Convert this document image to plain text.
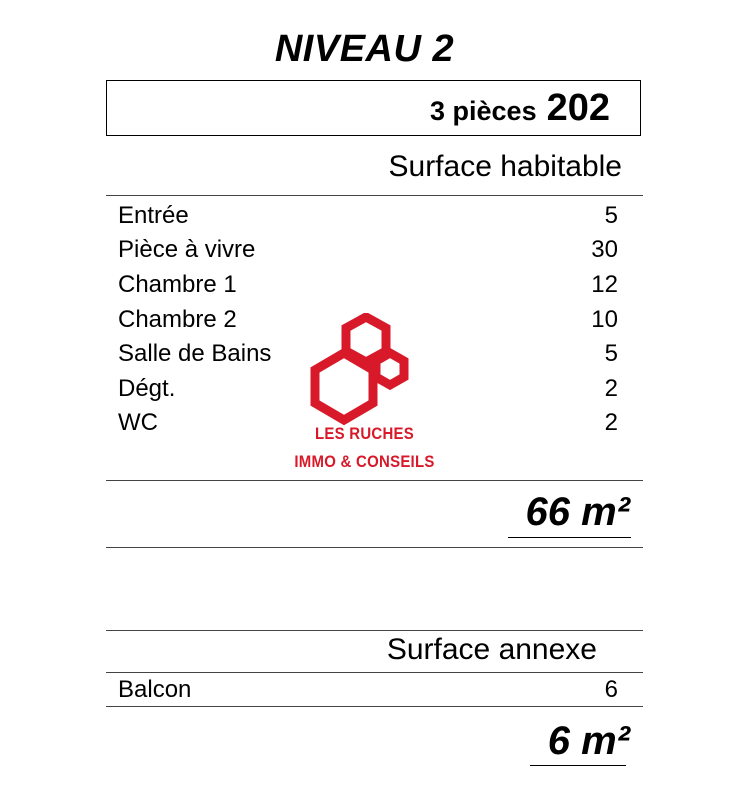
NIVEAU 2
3 pièces 202
Surface habitable
LES RUCHES
IMMO & CONSEILS
Entrée	5
Pièce à vivre	30
Chambre 1	12
Chambre 2	10
Salle de Bains	5
Dégt.	2
WC	2
66 m²
Surface annexe
Balcon	6
6 m²
